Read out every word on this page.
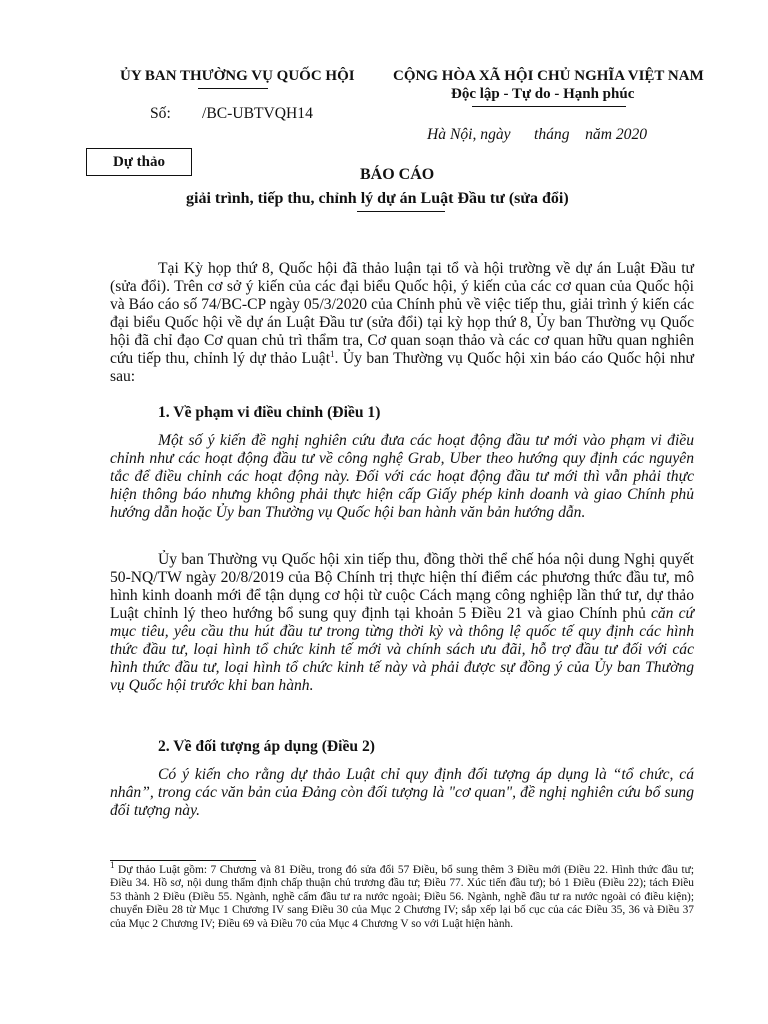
ỦY BAN THƯỜNG VỤ QUỐC HỘI	CỘNG HÒA XÃ HỘI CHỦ NGHĨA VIỆT NAM
Độc lập - Tự do - Hạnh phúc
Số: /BC-UBTVQH14
Hà Nội, ngày      tháng    năm 2020
Dự thảo
BÁO CÁO
giải trình, tiếp thu, chỉnh lý dự án Luật Đầu tư (sửa đổi)

Tại Kỳ họp thứ 8, Quốc hội đã thảo luận tại tổ và hội trường về dự án Luật Đầu tư (sửa đổi). Trên cơ sở ý kiến của các đại biểu Quốc hội, ý kiến của các cơ quan của Quốc hội và Báo cáo số 74/BC-CP ngày 05/3/2020 của Chính phủ về việc tiếp thu, giải trình ý kiến các đại biểu Quốc hội về dự án Luật Đầu tư (sửa đổi) tại kỳ họp thứ 8, Ủy ban Thường vụ Quốc hội đã chỉ đạo Cơ quan chủ trì thẩm tra, Cơ quan soạn thảo và các cơ quan hữu quan nghiên cứu tiếp thu, chỉnh lý dự thảo Luật$^1$. Ủy ban Thường vụ Quốc hội xin báo cáo Quốc hội như sau:

1. Về phạm vi điều chỉnh (Điều 1)

Một số ý kiến đề nghị nghiên cứu đưa các hoạt động đầu tư mới vào phạm vi điều chỉnh như các hoạt động đầu tư về công nghệ Grab, Uber theo hướng quy định các nguyên tắc để điều chỉnh các hoạt động này. Đối với các hoạt động đầu tư mới thì vẫn phải thực hiện thông báo nhưng không phải thực hiện cấp Giấy phép kinh doanh và giao Chính phủ hướng dẫn hoặc Ủy ban Thường vụ Quốc hội ban hành văn bản hướng dẫn.

Ủy ban Thường vụ Quốc hội xin tiếp thu, đồng thời thể chế hóa nội dung Nghị quyết 50-NQ/TW ngày 20/8/2019 của Bộ Chính trị thực hiện thí điểm các phương thức đầu tư, mô hình kinh doanh mới để tận dụng cơ hội từ cuộc Cách mạng công nghiệp lần thứ tư, dự thảo Luật chỉnh lý theo hướng bổ sung quy định tại khoản 5 Điều 21 và giao Chính phủ căn cứ mục tiêu, yêu cầu thu hút đầu tư trong từng thời kỳ và thông lệ quốc tế quy định các hình thức đầu tư, loại hình tổ chức kinh tế mới và chính sách ưu đãi, hỗ trợ đầu tư đối với các hình thức đầu tư, loại hình tổ chức kinh tế này và phải được sự đồng ý của Ủy ban Thường vụ Quốc hội trước khi ban hành.

2. Về đối tượng áp dụng (Điều 2)

Có ý kiến cho rằng dự thảo Luật chỉ quy định đối tượng áp dụng là “tổ chức, cá nhân”, trong các văn bản của Đảng còn đối tượng là "cơ quan", đề nghị nghiên cứu bổ sung đối tượng này.

$^1$ Dự thảo Luật gồm: 7 Chương và 81 Điều, trong đó sửa đổi 57 Điều, bổ sung thêm 3 Điều mới (Điều 22. Hình thức đầu tư; Điều 34. Hồ sơ, nội dung thẩm định chấp thuận chủ trương đầu tư; Điều 77. Xúc tiến đầu tư); bỏ 1 Điều (Điều 22); tách Điều 53 thành 2 Điều (Điều 55. Ngành, nghề cấm đầu tư ra nước ngoài; Điều 56. Ngành, nghề đầu tư ra nước ngoài có điều kiện); chuyển Điều 28 từ Mục 1 Chương IV sang Điều 30 của Mục 2 Chương IV; sắp xếp lại bố cục của các Điều 35, 36 và Điều 37 của Mục 2 Chương IV; Điều 69 và Điều 70 của Mục 4 Chương V so với Luật hiện hành.
